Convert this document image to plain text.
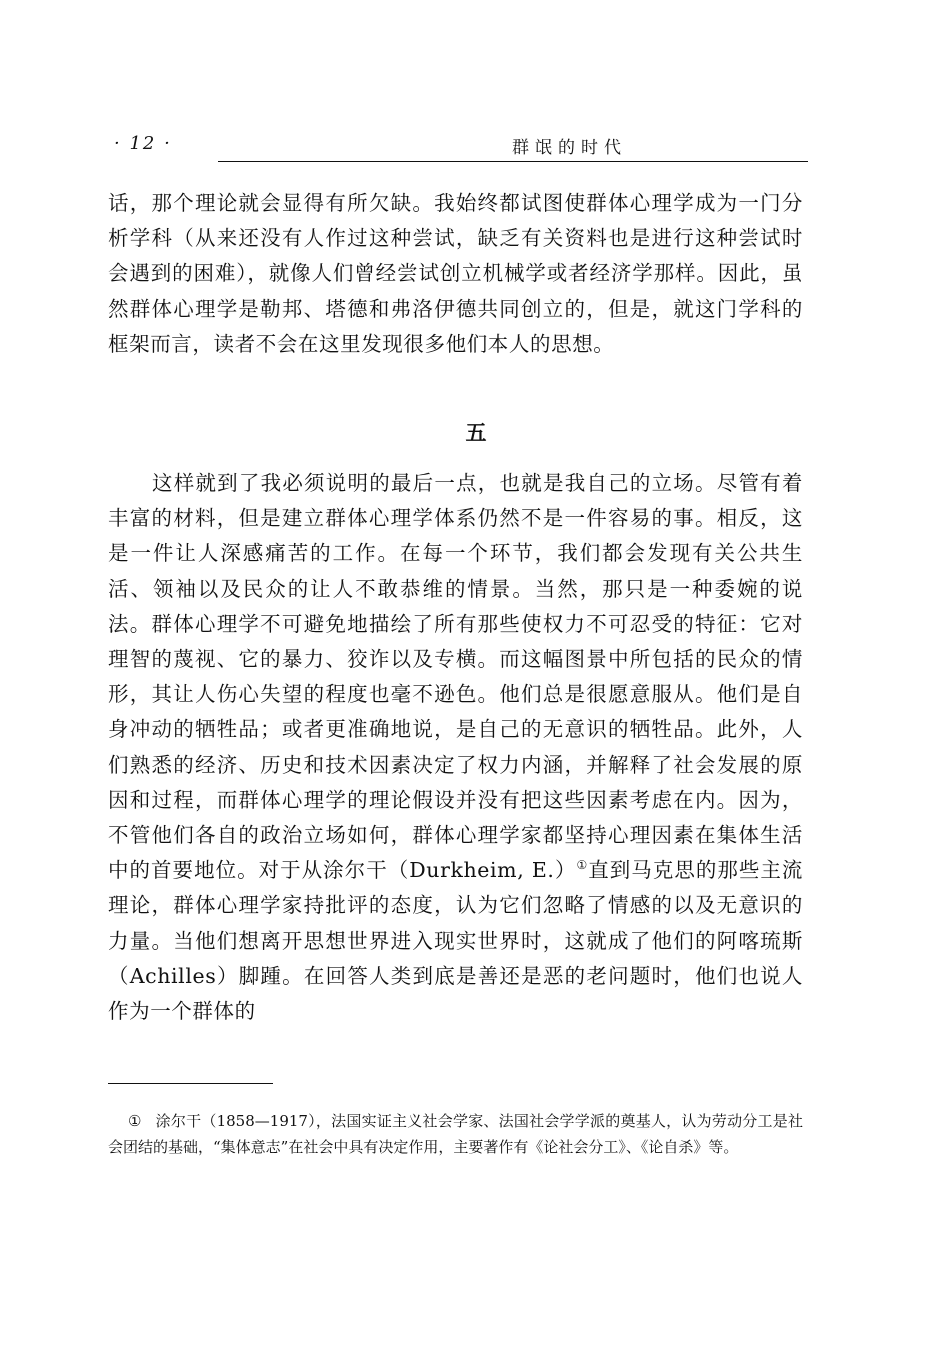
· 12 ·	群氓的时代
话，那个理论就会显得有所欠缺。我始终都试图使群体心理学成为一门分析学科（从来还没有人作过这种尝试，缺乏有关资料也是进行这种尝试时会遇到的困难），就像人们曾经尝试创立机械学或者经济学那样。因此，虽然群体心理学是勒邦、塔德和弗洛伊德共同创立的，但是，就这门学科的框架而言，读者不会在这里发现很多他们本人的思想。
五
这样就到了我必须说明的最后一点，也就是我自己的立场。尽管有着丰富的材料，但是建立群体心理学体系仍然不是一件容易的事。相反，这是一件让人深感痛苦的工作。在每一个环节，我们都会发现有关公共生活、领袖以及民众的让人不敢恭维的情景。当然，那只是一种委婉的说法。群体心理学不可避免地描绘了所有那些使权力不可忍受的特征：它对理智的蔑视、它的暴力、狡诈以及专横。而这幅图景中所包括的民众的情形，其让人伤心失望的程度也毫不逊色。他们总是很愿意服从。他们是自身冲动的牺牲品；或者更准确地说，是自己的无意识的牺牲品。此外，人们熟悉的经济、历史和技术因素决定了权力内涵，并解释了社会发展的原因和过程，而群体心理学的理论假设并没有把这些因素考虑在内。因为，不管他们各自的政治立场如何，群体心理学家都坚持心理因素在集体生活中的首要地位。对于从涂尔干（Durkheim, E.）①直到马克思的那些主流理论，群体心理学家持批评的态度，认为它们忽略了情感的以及无意识的力量。当他们想离开思想世界进入现实世界时，这就成了他们的阿喀琉斯（Achilles）脚踵。在回答人类到底是善还是恶的老问题时，他们也说人作为一个群体的
① 涂尔干（1858—1917），法国实证主义社会学家、法国社会学学派的奠基人，认为劳动分工是社会团结的基础，“集体意志”在社会中具有决定作用，主要著作有《论社会分工》、《论自杀》等。
